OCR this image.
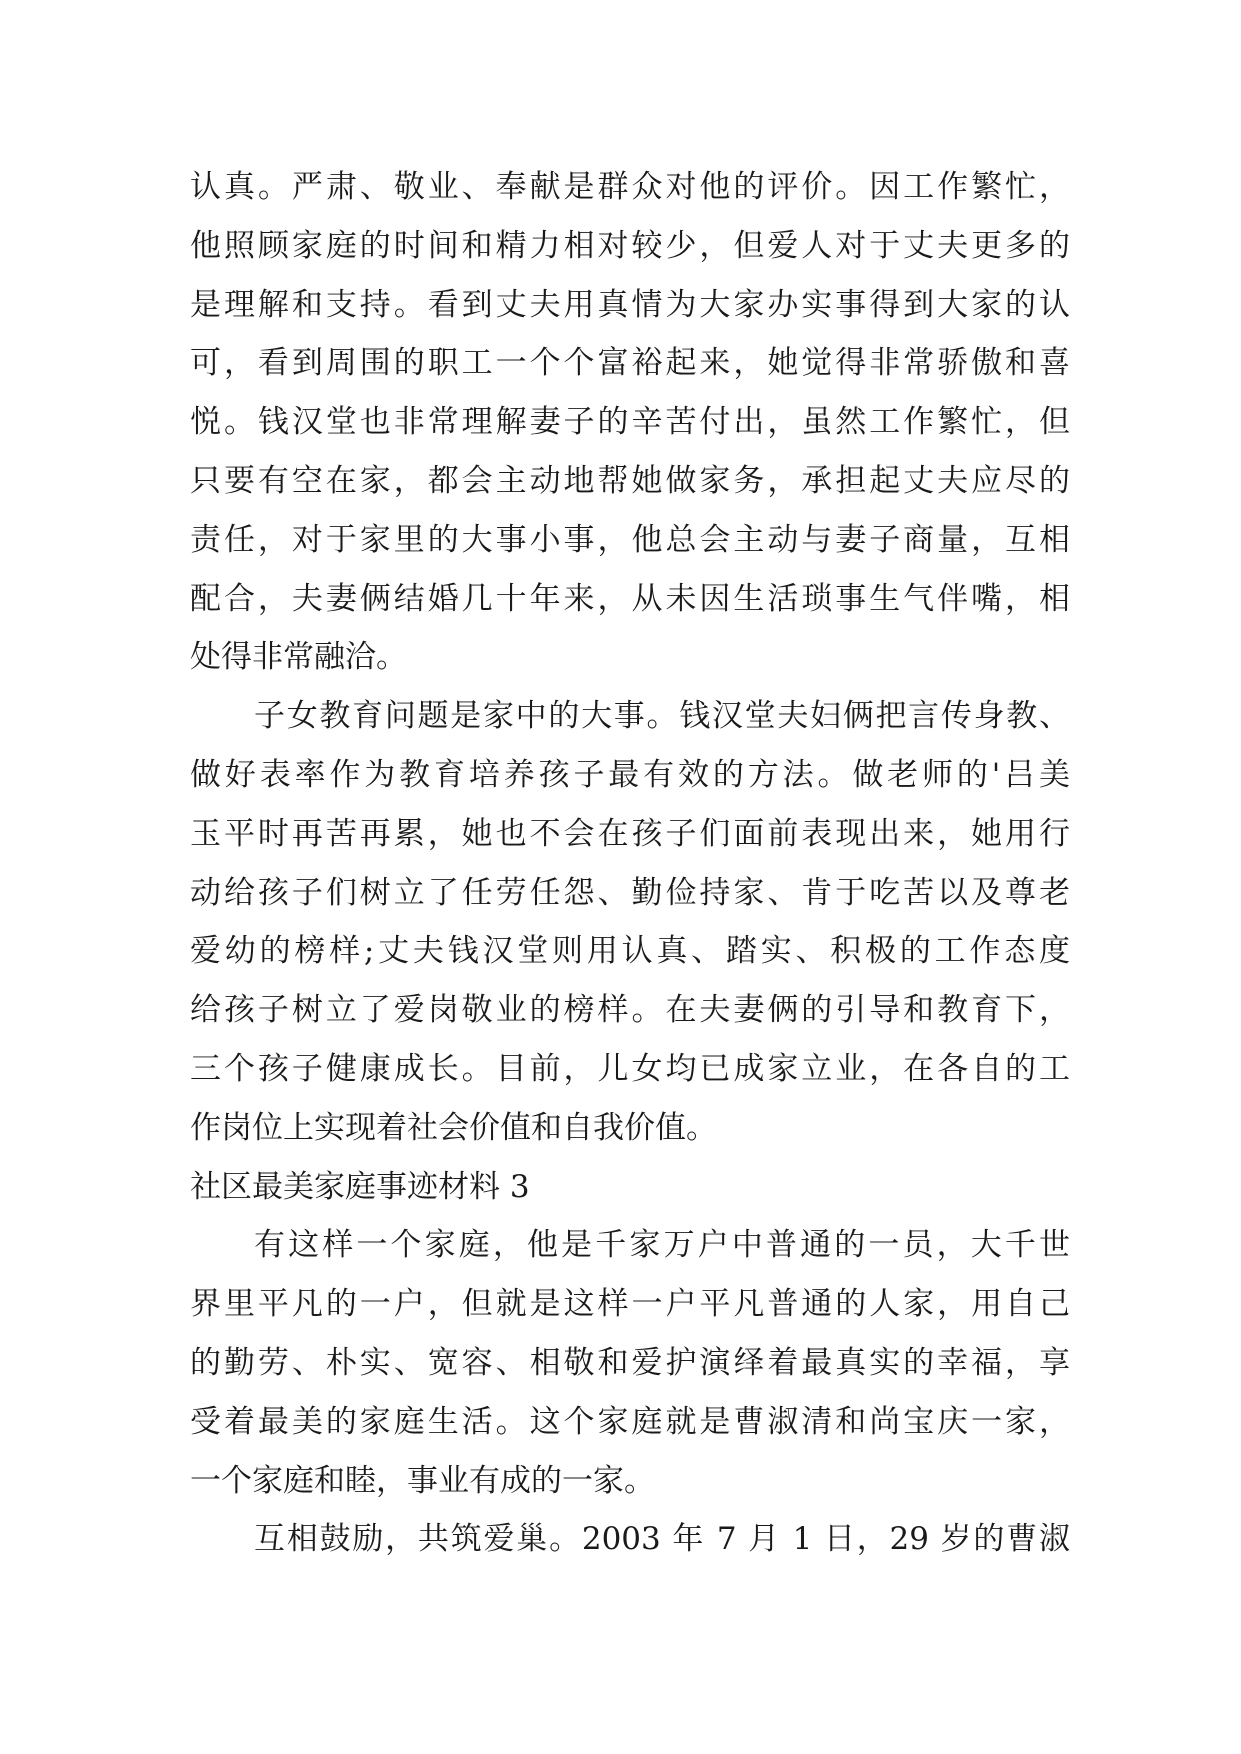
认真。严肃、敬业、奉献是群众对他的评价。因工作繁忙，
他照顾家庭的时间和精力相对较少，但爱人对于丈夫更多的
是理解和支持。看到丈夫用真情为大家办实事得到大家的认
可，看到周围的职工一个个富裕起来，她觉得非常骄傲和喜
悦。钱汉堂也非常理解妻子的辛苦付出，虽然工作繁忙，但
只要有空在家，都会主动地帮她做家务，承担起丈夫应尽的
责任，对于家里的大事小事，他总会主动与妻子商量，互相
配合，夫妻俩结婚几十年来，从未因生活琐事生气伴嘴，相
处得非常融洽。
子女教育问题是家中的大事。钱汉堂夫妇俩把言传身教、
做好表率作为教育培养孩子最有效的方法。做老师的'吕美
玉平时再苦再累，她也不会在孩子们面前表现出来，她用行
动给孩子们树立了任劳任怨、勤俭持家、肯于吃苦以及尊老
爱幼的榜样;丈夫钱汉堂则用认真、踏实、积极的工作态度
给孩子树立了爱岗敬业的榜样。在夫妻俩的引导和教育下，
三个孩子健康成长。目前，儿女均已成家立业，在各自的工
作岗位上实现着社会价值和自我价值。
社区最美家庭事迹材料 3
有这样一个家庭，他是千家万户中普通的一员，大千世
界里平凡的一户，但就是这样一户平凡普通的人家，用自己
的勤劳、朴实、宽容、相敬和爱护演绎着最真实的幸福，享
受着最美的家庭生活。这个家庭就是曹淑清和尚宝庆一家，
一个家庭和睦，事业有成的一家。
互相鼓励，共筑爱巢。2003 年 7 月 1 日，29 岁的曹淑
